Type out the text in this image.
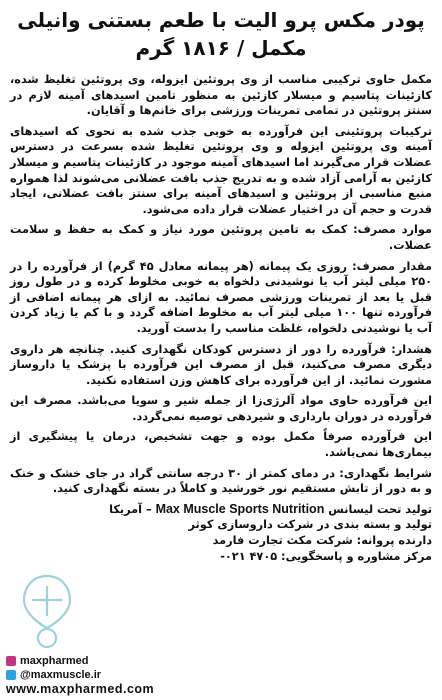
پودر مکس پرو الیت با طعم بستنی وانیلی
مکمل / ۱۸۱۶ گرم

مکمل حاوی ترکیبی مناسب از وی پروتئین ایزوله، وی پروتئین تغلیظ شده، کازئینات پتاسیم و میسلار کازئین به منظور تامین اسیدهای آمینه لازم در سنتز پروتئین در تمامی تمرینات ورزشی برای خانم‌ها و آقایان.

ترکیبات پروتئینی این فرآورده به خوبی جذب شده به نحوی که اسیدهای آمینه وی پروتئین ایزوله و وی پروتئین تغلیظ شده بسرعت در دسترس عضلات قرار می‌گیرند اما اسیدهای آمینه موجود در کازئینات پتاسیم و میسلار کازئین به آرامی آزاد شده و به تدریج جذب بافت عضلانی می‌شوند لذا همواره منبع مناسبی از پروتئین و اسیدهای آمینه برای سنتز بافت عضلانی، ایجاد قدرت و حجم آن در اختیار عضلات قرار داده می‌شود.

موارد مصرف: کمک به تامین پروتئین مورد نیاز و کمک به حفظ و سلامت عضلات.

مقدار مصرف: روزی یک پیمانه (هر پیمانه معادل ۴۵ گرم) از فرآورده را در ۲۵۰ میلی لیتر آب یا نوشیدنی دلخواه به خوبی مخلوط کرده و در طول روز قبل یا بعد از تمرینات ورزشی مصرف نمائید. به ازای هر پیمانه اضافی از فرآورده تنها ۱۰۰ میلی لیتر آب به مخلوط اضافه گردد و با کم یا زیاد کردن آب یا نوشیدنی دلخواه، غلظت مناسب را بدست آورید.

هشدار: فرآورده را دور از دسترس کودکان نگهداری کنید. چنانچه هر داروی دیگری مصرف می‌کنید، قبل از مصرف این فرآورده با پزشک یا داروساز مشورت نمائید. از این فرآورده برای کاهش وزن استفاده نکنید.

این فرآورده حاوی مواد آلرژی‌زا از جمله شیر و سویا می‌باشد. مصرف این فرآورده در دوران بارداری و شیردهی توصیه نمی‌گردد.

این فرآورده صرفاً مکمل بوده و جهت تشخیص، درمان یا پیشگیری از بیماری‌ها نمی‌باشد.

شرایط نگهداری: در دمای کمتر از ۳۰ درجه سانتی گراد در جای خشک و خنک و به دور از تابش مستقیم نور خورشید و کاملاً در بسته نگهداری کنید.

تولید تحت لیسانس Max Muscle Sports Nutrition – آمریکا

تولید و بسته بندی در شرکت داروسازی کوثر

دارنده پروانه: شرکت مکث تجارت فارمد

مرکز مشاوره و پاسخگویی: ۴۷۰۵ ۰۲۱-

maxpharmed
@maxmuscle.ir
www.maxpharmed.com
